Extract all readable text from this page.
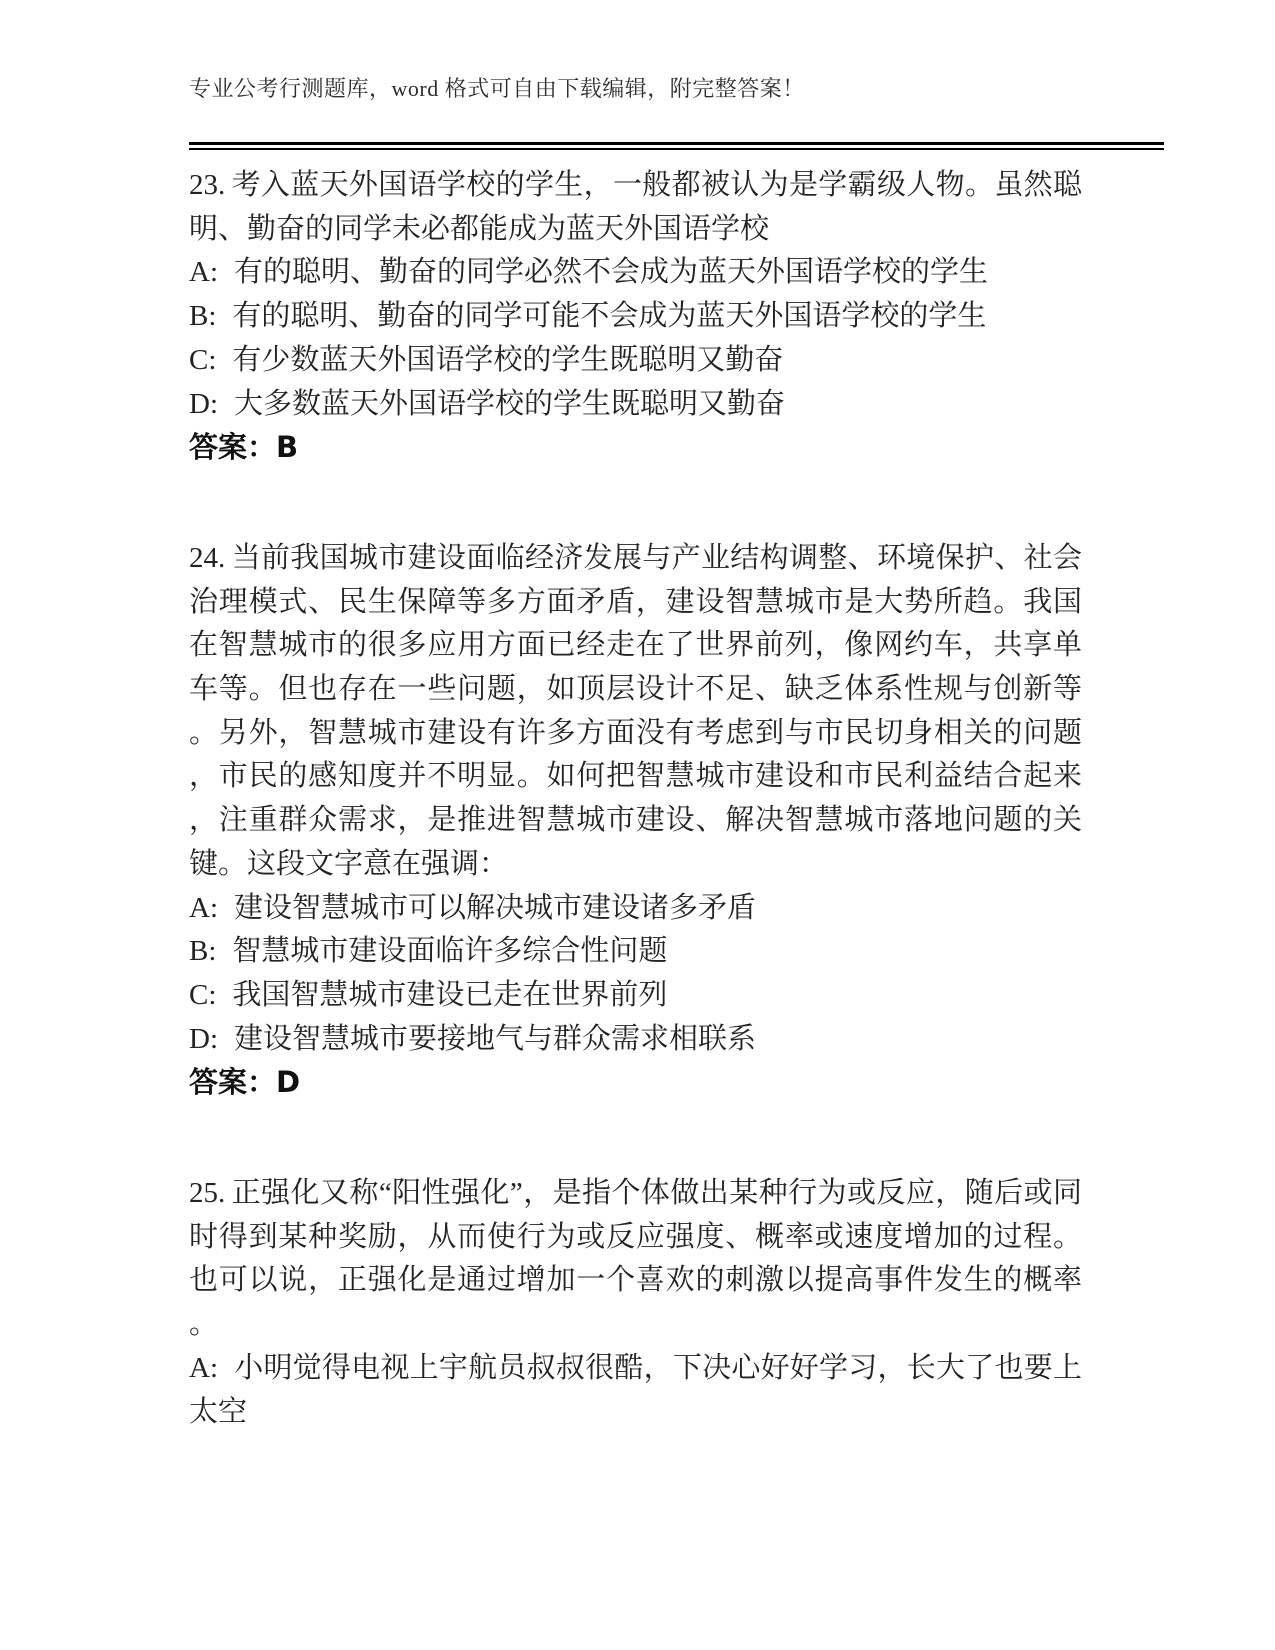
专业公考行测题库，word 格式可自由下载编辑，附完整答案！

23. 考入蓝天外国语学校的学生，一般都被认为是学霸级人物。虽然聪明、勤奋的同学未必都能成为蓝天外国语学校

A: 有的聪明、勤奋的同学必然不会成为蓝天外国语学校的学生

B: 有的聪明、勤奋的同学可能不会成为蓝天外国语学校的学生

C: 有少数蓝天外国语学校的学生既聪明又勤奋

D: 大多数蓝天外国语学校的学生既聪明又勤奋

答案：B

24. 当前我国城市建设面临经济发展与产业结构调整、环境保护、社会治理模式、民生保障等多方面矛盾，建设智慧城市是大势所趋。我国在智慧城市的很多应用方面已经走在了世界前列，像网约车，共享单车等。但也存在一些问题，如顶层设计不足、缺乏体系性规与创新等。另外，智慧城市建设有许多方面没有考虑到与市民切身相关的问题，市民的感知度并不明显。如何把智慧城市建设和市民利益结合起来，注重群众需求，是推进智慧城市建设、解决智慧城市落地问题的关键。这段文字意在强调：

A: 建设智慧城市可以解决城市建设诸多矛盾

B: 智慧城市建设面临许多综合性问题

C: 我国智慧城市建设已走在世界前列

D: 建设智慧城市要接地气与群众需求相联系

答案：D

25. 正强化又称“阳性强化”，是指个体做出某种行为或反应，随后或同时得到某种奖励，从而使行为或反应强度、概率或速度增加的过程。也可以说，正强化是通过增加一个喜欢的刺激以提高事件发生的概率。

A: 小明觉得电视上宇航员叔叔很酷，下决心好好学习，长大了也要上太空
